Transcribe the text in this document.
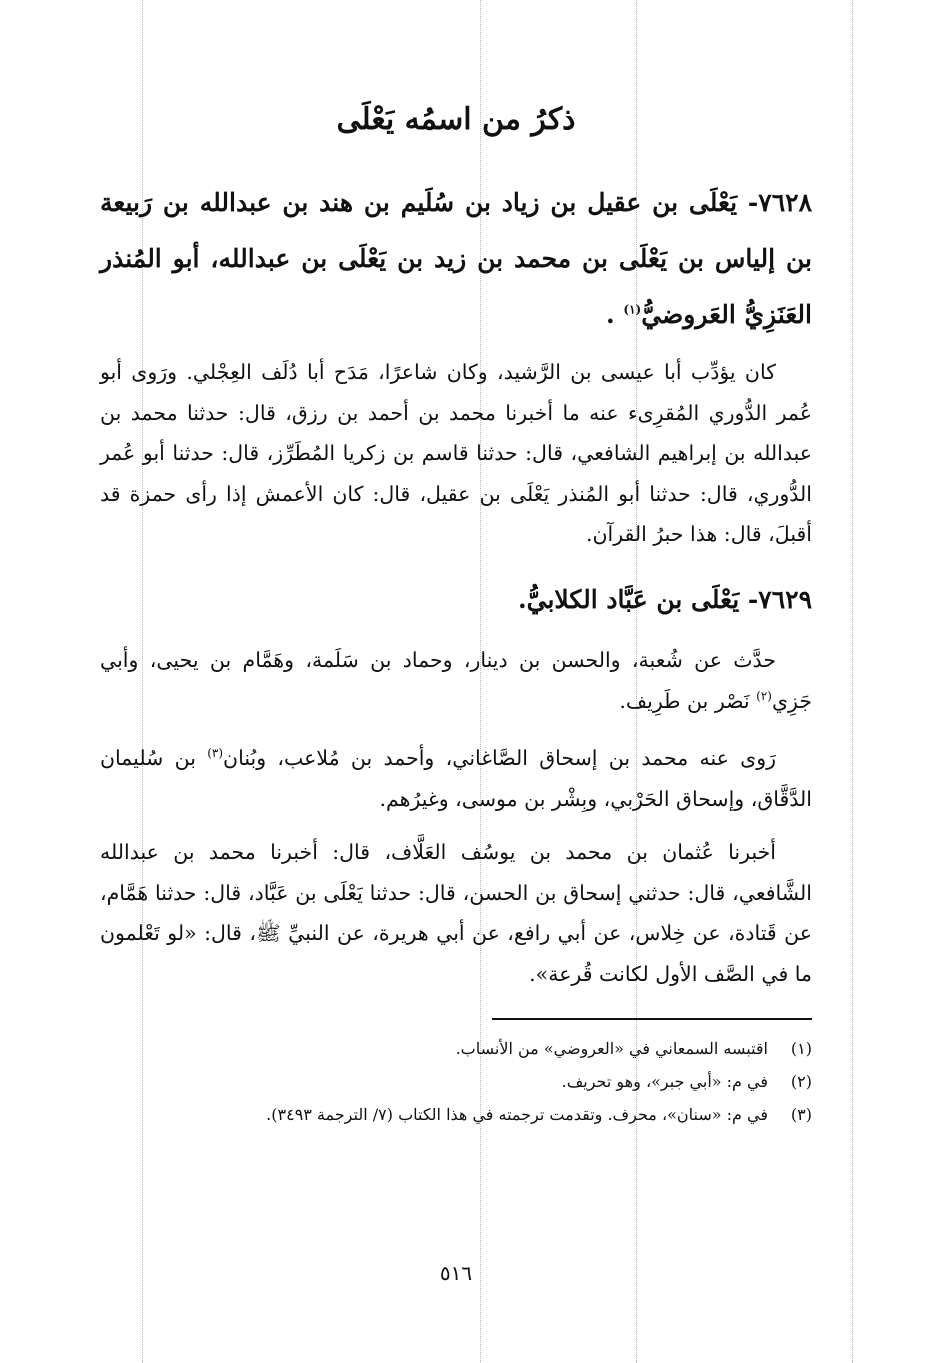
ذكرُ من اسمُه يَعْلَى
٧٦٢٨- يَعْلَى بن عقيل بن زياد بن سُلَيم بن هند بن عبدالله بن رَبيعة بن إلياس بن يَعْلَى بن محمد بن زيد بن يَعْلَى بن عبدالله، أبو المُنذر العَنَزِيُّ العَروضيُّ$^{(١)}$ .
كان يؤدِّب أبا عيسى بن الرَّشيد، وكان شاعرًا، مَدَح أبا دُلَف العِجْلي. ورَوى أبو عُمر الدُّوري المُقرِىء عنه ما أخبرنا محمد بن أحمد بن رزق، قال: حدثنا محمد بن عبدالله بن إبراهيم الشافعي، قال: حدثنا قاسم بن زكريا المُطَرِّز، قال: حدثنا أبو عُمر الدُّوري، قال: حدثنا أبو المُنذر يَعْلَى بن عقيل، قال: كان الأعمش إذا رأى حمزة قد أقبلَ، قال: هذا حبرُ القرآن.
٧٦٢٩- يَعْلَى بن عَبَّاد الكلابيُّ.
حدَّث عن شُعبة، والحسن بن دينار، وحماد بن سَلَمة، وهَمَّام بن يحيى، وأبي جَزِي$^{(٢)}$ نَصْر بن طَرِيف.
رَوى عنه محمد بن إسحاق الصَّاغاني، وأحمد بن مُلاعب، وبُنان$^{(٣)}$ بن سُليمان الدَّقَّاق، وإسحاق الحَرْبي، وبِشْر بن موسى، وغيرُهم.
أخبرنا عُثمان بن محمد بن يوسُف العَلَّاف، قال: أخبرنا محمد بن عبدالله الشَّافعي، قال: حدثني إسحاق بن الحسن، قال: حدثنا يَعْلَى بن عَبَّاد، قال: حدثنا هَمَّام، عن قَتادة، عن خِلاس، عن أبي رافع، عن أبي هريرة، عن النبيِّ ﷺ، قال: «لو تَعْلمون ما في الصَّف الأول لكانت قُرعة».
(١)اقتبسه السمعاني في «العروضي» من الأنساب.
(٢)في م: «أبي جبر»، وهو تحريف.
(٣)في م: «سنان»، محرف. وتقدمت ترجمته في هذا الكتاب (٧/ الترجمة ٣٤٩٣).
٥١٦
